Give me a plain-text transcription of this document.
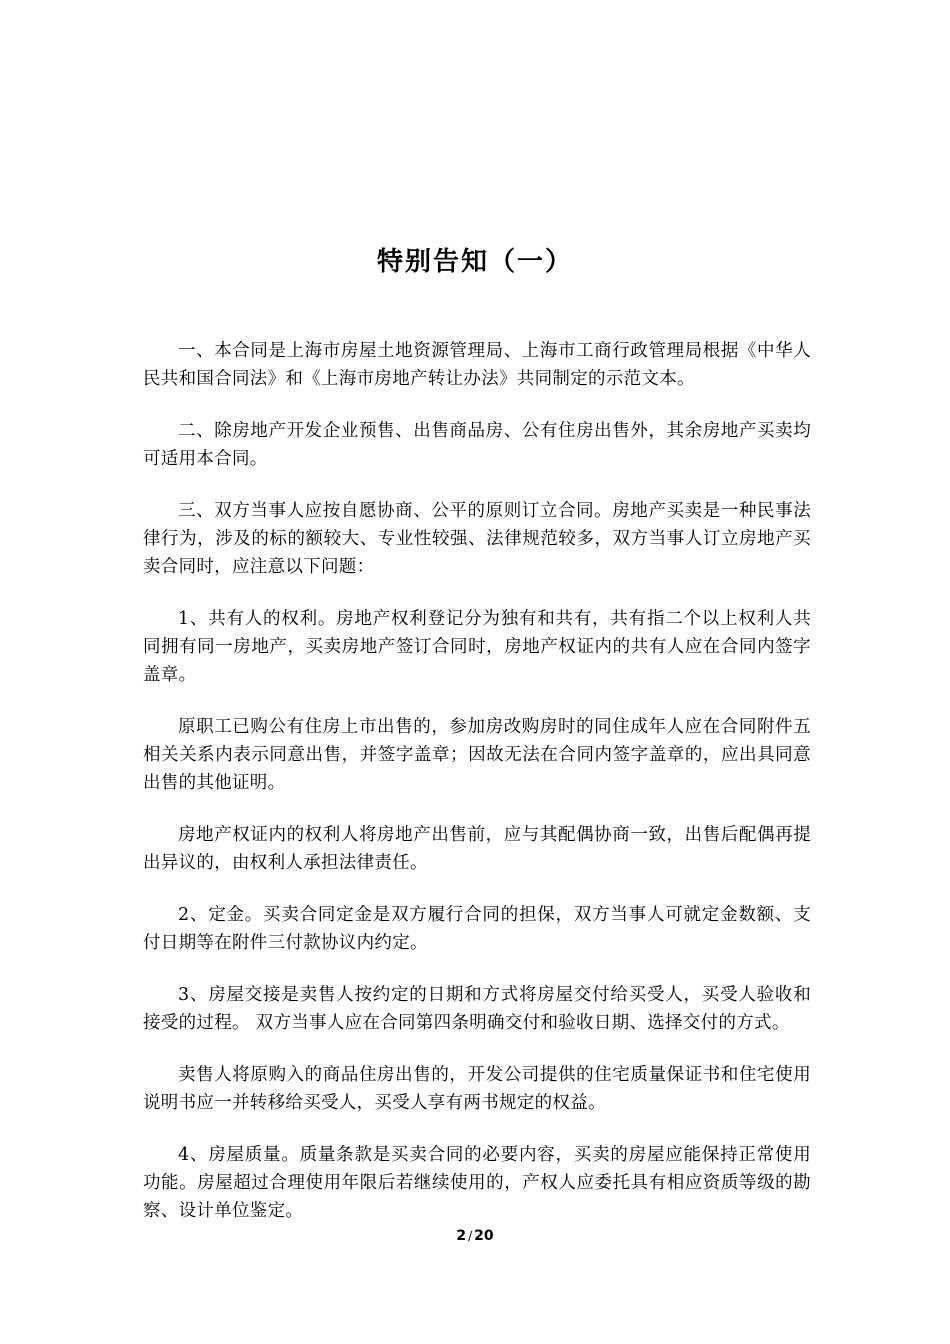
特别告知（一）

一、本合同是上海市房屋土地资源管理局、上海市工商行政管理局根据《中华人民共和国合同法》和《上海市房地产转让办法》共同制定的示范文本。

二、除房地产开发企业预售、出售商品房、公有住房出售外，其余房地产买卖均可适用本合同。

三、双方当事人应按自愿协商、公平的原则订立合同。房地产买卖是一种民事法律行为，涉及的标的额较大、专业性较强、法律规范较多，双方当事人订立房地产买卖合同时，应注意以下问题：

1、共有人的权利。房地产权利登记分为独有和共有，共有指二个以上权利人共同拥有同一房地产，买卖房地产签订合同时，房地产权证内的共有人应在合同内签字盖章。

原职工已购公有住房上市出售的，参加房改购房时的同住成年人应在合同附件五相关关系内表示同意出售，并签字盖章；因故无法在合同内签字盖章的，应出具同意出售的其他证明。

房地产权证内的权利人将房地产出售前，应与其配偶协商一致，出售后配偶再提出异议的，由权利人承担法律责任。

2、定金。买卖合同定金是双方履行合同的担保，双方当事人可就定金数额、支付日期等在附件三付款协议内约定。

3、房屋交接是卖售人按约定的日期和方式将房屋交付给买受人，买受人验收和接受的过程。 双方当事人应在合同第四条明确交付和验收日期、选择交付的方式。

卖售人将原购入的商品住房出售的，开发公司提供的住宅质量保证书和住宅使用说明书应一并转移给买受人，买受人享有两书规定的权益。

4、房屋质量。质量条款是买卖合同的必要内容，买卖的房屋应能保持正常使用功能。房屋超过合理使用年限后若继续使用的，产权人应委托具有相应资质等级的勘察、设计单位鉴定。

2 / 20
